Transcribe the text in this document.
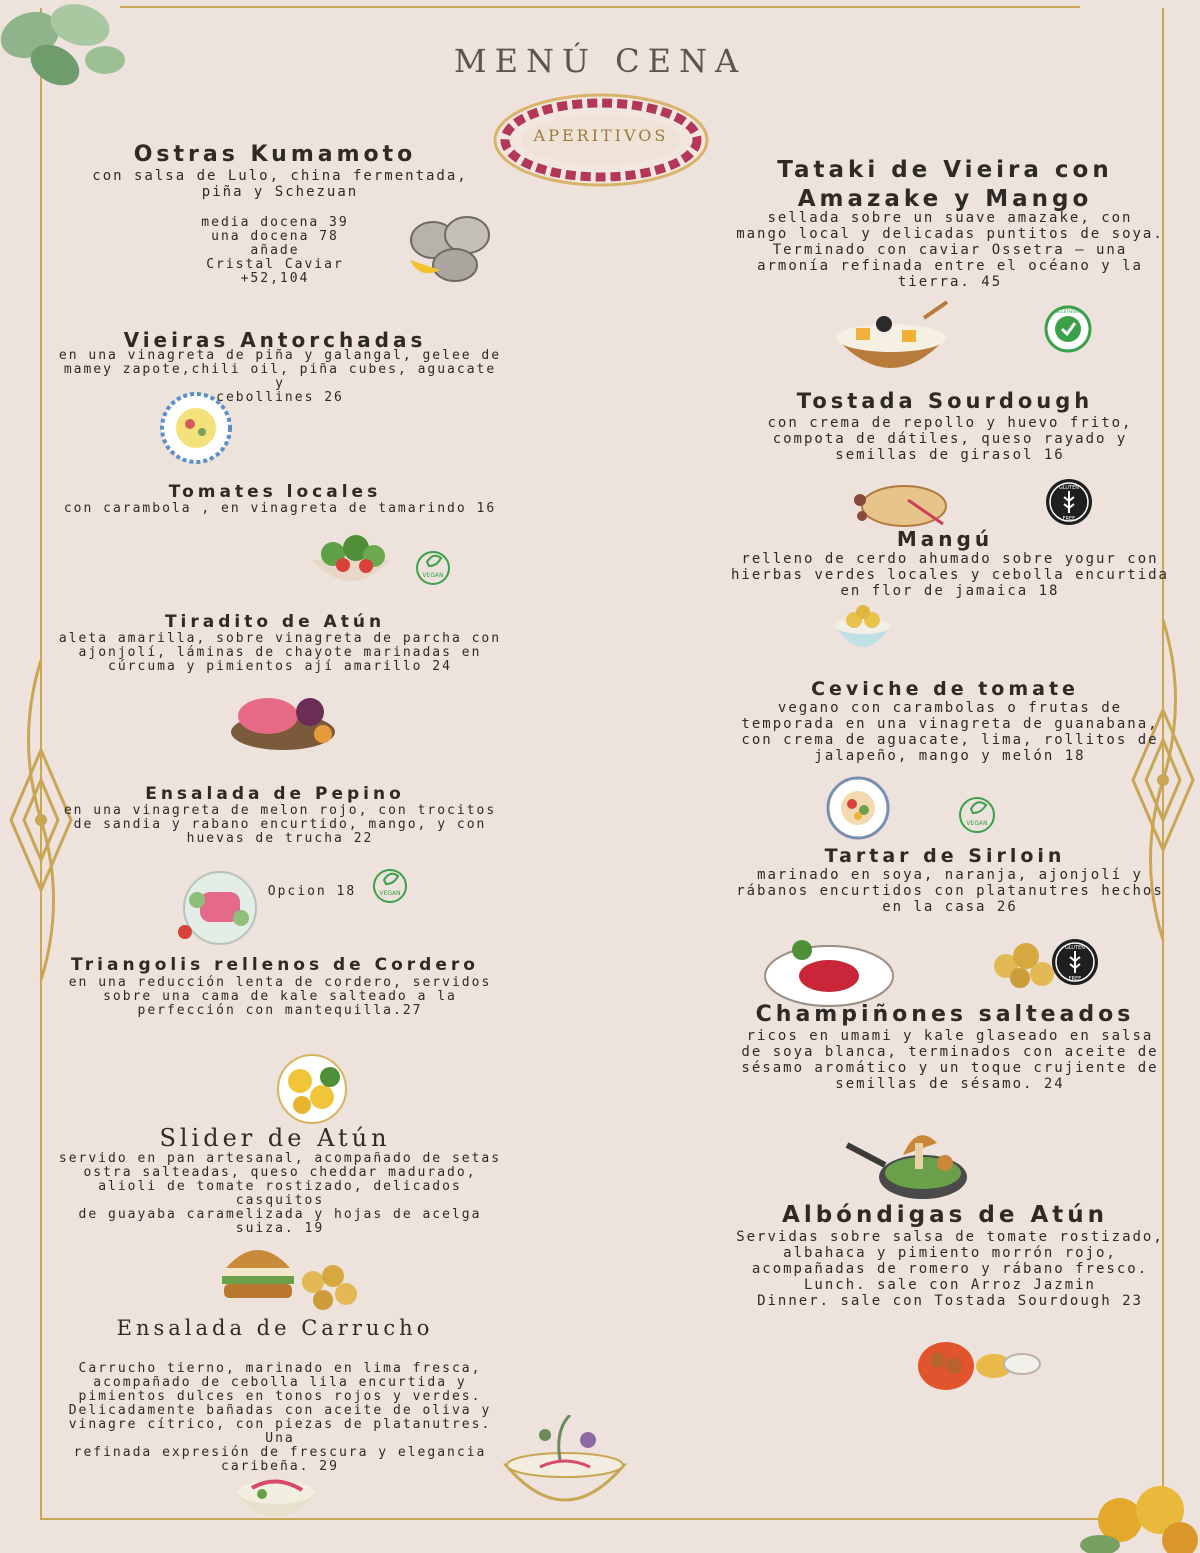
MENÚ CENA
APERITIVOS
Ostras Kumamoto
con salsa de Lulo, china fermentada,
piña y Schezuan
media docena 39
una docena 78
añade
Cristal Caviar
+52,104
Vieiras Antorchadas
en una vinagreta de piña y galangal, gelee de
mamey zapote,chili oil, piña cubes, aguacate y
cebollines 26
Tomates locales
con carambola , en vinagreta de tamarindo 16
VEGAN
Tiradito de Atún
aleta amarilla, sobre vinagreta de parcha con
ajonjolí, láminas de chayote marinadas en
cúrcuma y pimientos ají amarillo 24
Ensalada de Pepino
en una vinagreta de melon rojo, con trocitos
de sandia y rabano encurtido, mango, y con
huevas de trucha 22
Opcion 18	VEGAN
Triangolis rellenos de Cordero
en una reducción lenta de cordero, servidos
sobre una cama de kale salteado a la
perfección con mantequilla.27
Slider de Atún
servido en pan artesanal, acompañado de setas
ostra salteadas, queso cheddar madurado,
alioli de tomate rostizado, delicados casquitos
de guayaba caramelizada y hojas de acelga
suiza. 19
Ensalada de Carrucho
Carrucho tierno, marinado en lima fresca,
acompañado de cebolla lila encurtida y
pimientos dulces en tonos rojos y verdes.
Delicadamente bañadas con aceite de oliva y
vinagre cítrico, con piezas de platanutres. Una
refinada expresión de frescura y elegancia
caribeña. 29
Tataki de Vieira con
Amazake y Mango
sellada sobre un suave amazake, con
mango local y delicadas puntitos de soya.
Terminado con caviar Ossetra — una
armonía refinada entre el océano y la
tierra. 45
VEGETARIAN
Tostada Sourdough
con crema de repollo y huevo frito,
compota de dátiles, queso rayado y
semillas de girasol 16
GLUTEN
FREE
Mangú
relleno de cerdo ahumado sobre yogur con
hierbas verdes locales y cebolla encurtida
en flor de jamaica 18
Ceviche de tomate
vegano con carambolas o frutas de
temporada en una vinagreta de guanabana,
con crema de aguacate, lima, rollitos de
jalapeño, mango y melón 18
VEGAN
Tartar de Sirloin
marinado en soya, naranja, ajonjolí y
rábanos encurtidos con platanutres hechos
en la casa 26
GLUTEN
FREE
Champiñones salteados
ricos en umami y kale glaseado en salsa
de soya blanca, terminados con aceite de
sésamo aromático y un toque crujiente de
semillas de sésamo. 24
Albóndigas de Atún
Servidas sobre salsa de tomate rostizado,
albahaca y pimiento morrón rojo,
acompañadas de romero y rábano fresco.
Lunch. sale con Arroz Jazmin
Dinner. sale con Tostada Sourdough 23
